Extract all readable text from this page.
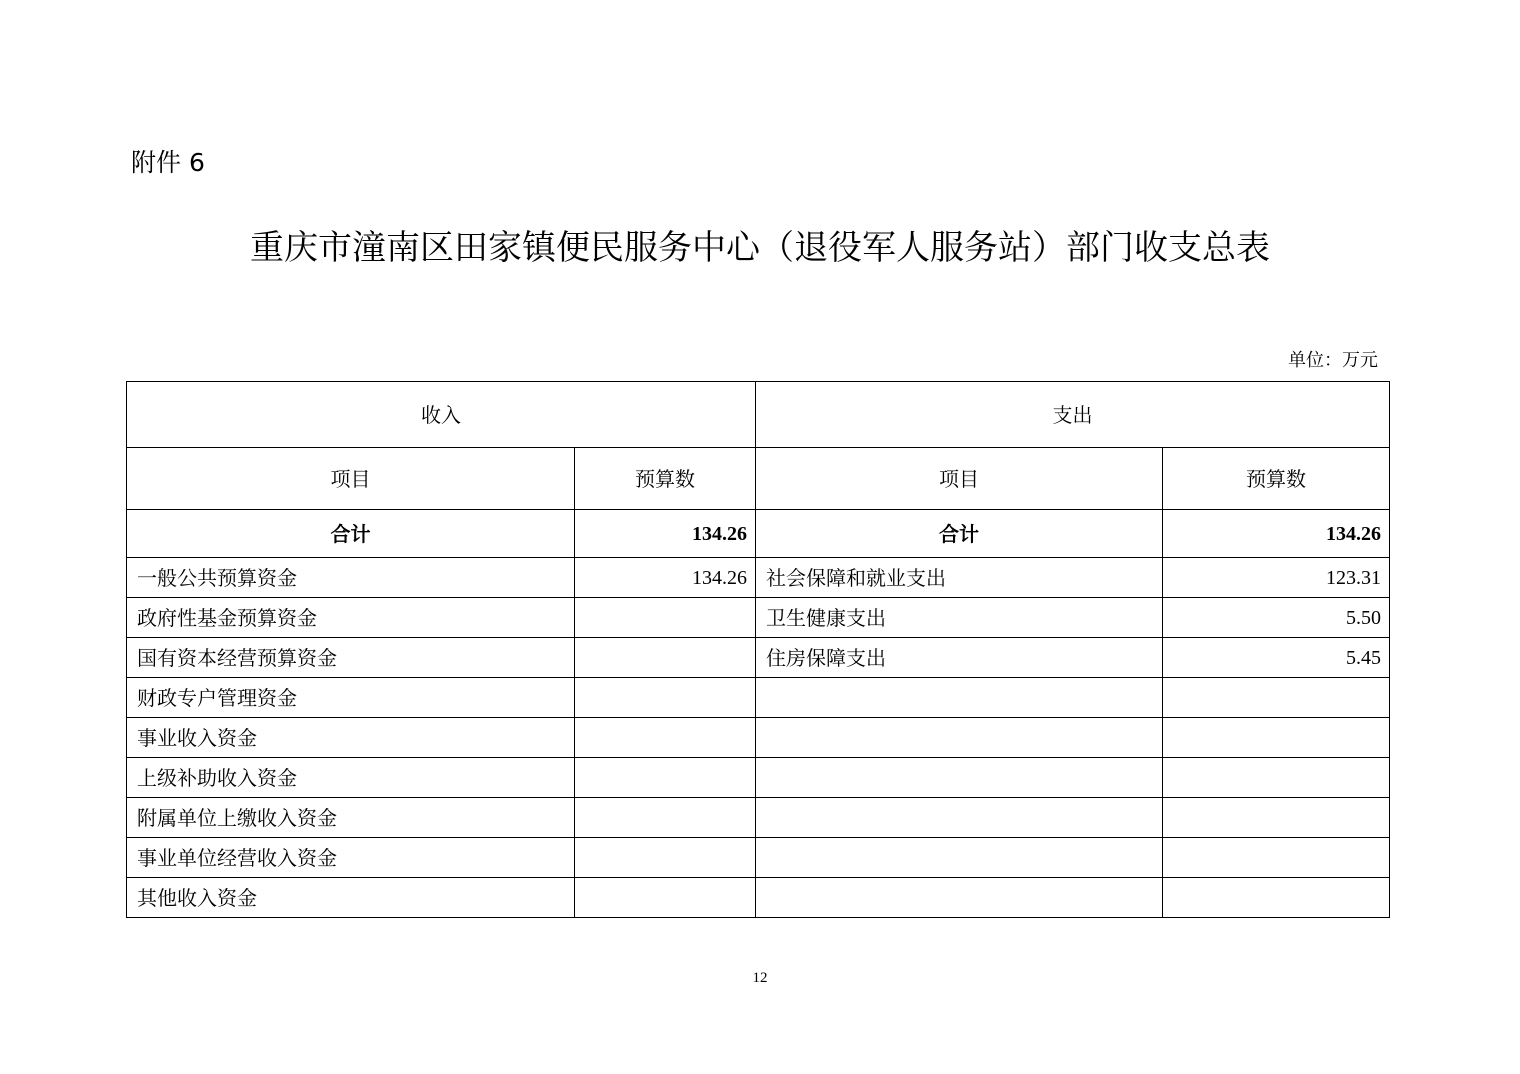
附件 6
重庆市潼南区田家镇便民服务中心（退役军人服务站）部门收支总表
单位：万元
收入		支出	
项目	预算数	项目	预算数
合计	134.26	合计	134.26
一般公共预算资金	134.26	社会保障和就业支出	123.31
政府性基金预算资金		卫生健康支出	5.50
国有资本经营预算资金		住房保障支出	5.45
财政专户管理资金			
事业收入资金			
上级补助收入资金			
附属单位上缴收入资金			
事业单位经营收入资金			
其他收入资金			
12
